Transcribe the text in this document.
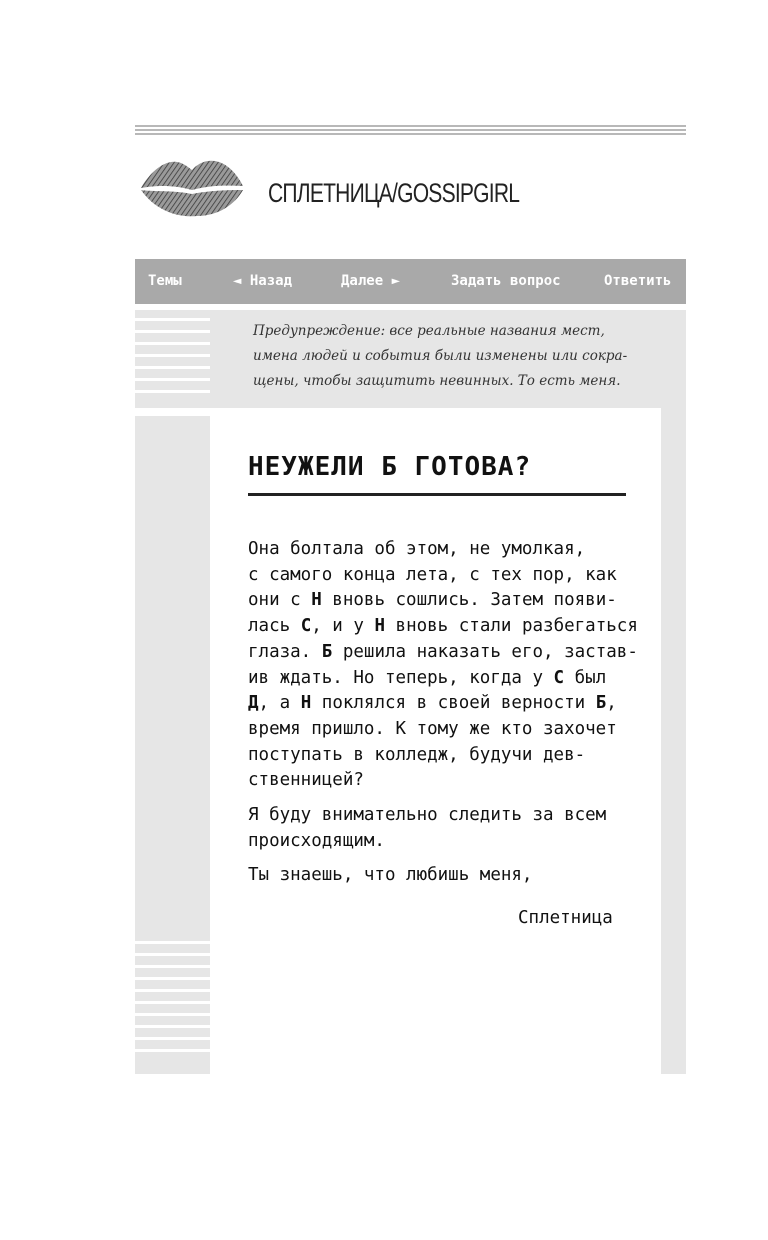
СПЛЕТНИЦА/GOSSIPGIRL
Темы	◄ Назад	Далее ►	Задать вопрос	Ответить
Предупреждение: все реальные названия мест,
имена людей и события были изменены или сокра-
щены, чтобы защитить невинных. То есть меня.
НЕУЖЕЛИ Б ГОТОВА?

Она болтала об этом, не умолкая,
с самого конца лета, с тех пор, как
они с Н вновь сошлись. Затем появи-
лась С, и у Н вновь стали разбегаться
глаза. Б решила наказать его, застав-
ив ждать. Но теперь, когда у С был
Д, а Н поклялся в своей верности Б,
время пришло. К тому же кто захочет
поступать в колледж, будучи дев-
ственницей?

Я буду внимательно следить за всем
происходящим.

Ты знаешь, что любишь меня,

Сплетница
